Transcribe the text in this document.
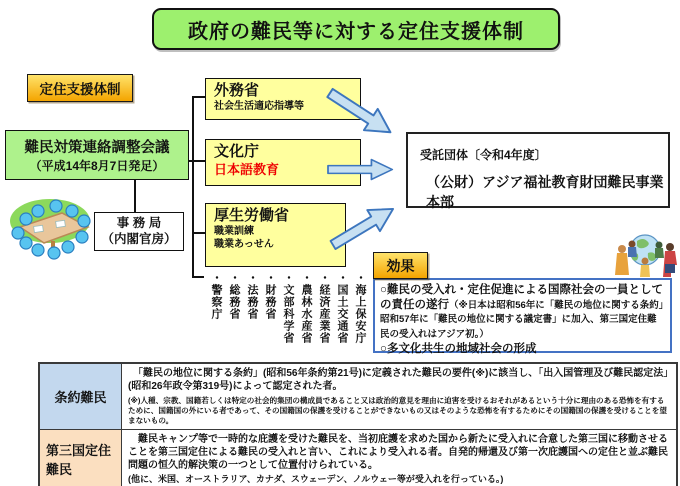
政府の難民等に対する定住支援体制
定住支援体制
難民対策連絡調整会議
（平成14年8月7日発足）
事 務 局
（内閣官房）
外務省
社会生活適応指導等
文化庁
日本語教育
厚生労働省
職業訓練
職業あっせん
・警察庁 ・総務省 ・法務省 ・財務省 ・文部科学省 ・農林水産省 ・経済産業省 ・国土交通省 ・海上保安庁
受託団体〔令和4年度〕
（公財）アジア福祉教育財団難民事業本部
効果

○難民の受入れ・定住促進による国際社会の一員としての責任の遂行（※日本は昭和56年に「難民の地位に関する条約」昭和57年に「難民の地位に関する議定書」に加入、第三国定住難民の受入れはアジア初。）

○多文化共生の地域社会の形成

条約難民

　「難民の地位に関する条約」(昭和56年条約第21号)に定義された難民の要件(※)に該当し、「出入国管理及び難民認定法」(昭和26年政令第319号)によって認定された者。

(※)人種、宗教、国籍若しくは特定の社会的集団の構成員であること又は政治的意見を理由に迫害を受けるおそれがあるという十分に理由のある恐怖を有するために、国籍国の外にいる者であって、その国籍国の保護を受けることができないもの又はそのような恐怖を有するためにその国籍国の保護を受けることを望まないもの。

第三国定住難民

　難民キャンプ等で一時的な庇護を受けた難民を、当初庇護を求めた国から新たに受入れに合意した第三国に移動させることを第三国定住による難民の受入れと言い、これにより受入れる者。自発的帰還及び第一次庇護国への定住と並ぶ難民問題の恒久的解決策の一つとして位置付けられている。

(他に、米国、オーストラリア、カナダ、スウェーデン、ノルウェー等が受入れを行っている。)
